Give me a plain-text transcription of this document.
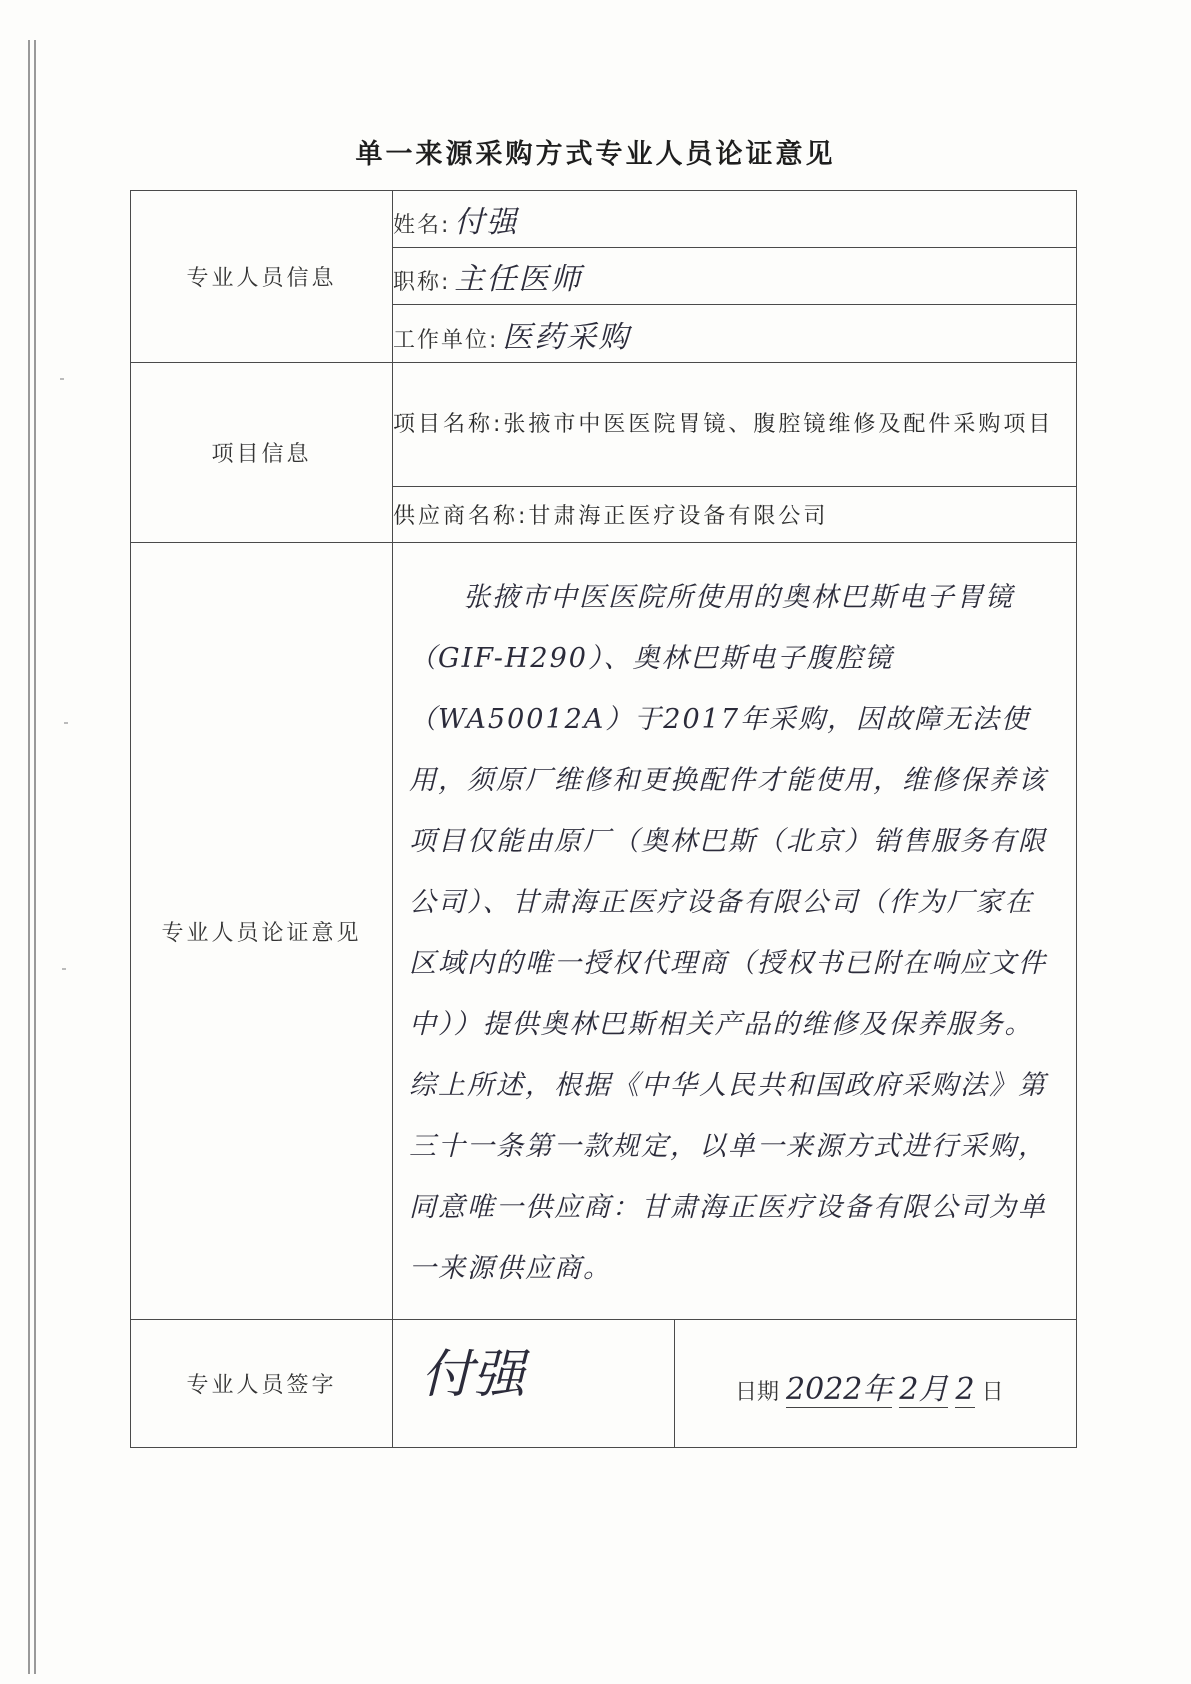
单一来源采购方式专业人员论证意见
专业人员信息	姓名: 付强	
	职称: 主任医师	
	工作单位: 医药采购	
项目信息	项目名称:张掖市中医医院胃镜、腹腔镜维修及配件采购项目	
	供应商名称:甘肃海正医疗设备有限公司	
专业人员论证意见	张掖市中医医院所使用的奥林巴斯电子胃镜（GIF-H290）、奥林巴斯电子腹腔镜（WA50012A）于2017年采购，因故障无法使用，须原厂维修和更换配件才能使用，维修保养该项目仅能由原厂（奥林巴斯（北京）销售服务有限公司）、甘肃海正医疗设备有限公司（作为厂家在区域内的唯一授权代理商（授权书已附在响应文件中））提供奥林巴斯相关产品的维修及保养服务。综上所述，根据《中华人民共和国政府采购法》第三十一条第一款规定，以单一来源方式进行采购，同意唯一供应商：甘肃海正医疗设备有限公司为单一来源供应商。	
专业人员签字	付强	日期 2022年 2月 2 日
